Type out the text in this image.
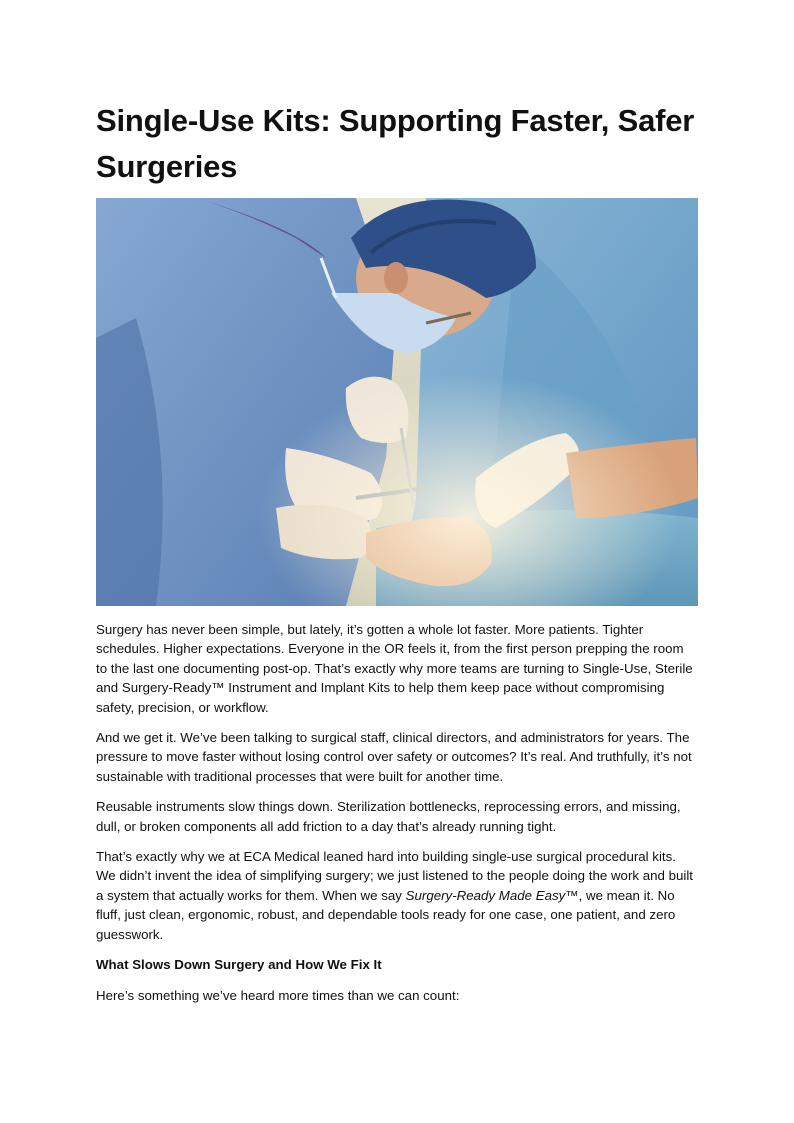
Single-Use Kits: Supporting Faster, Safer Surgeries

Surgery has never been simple, but lately, it’s gotten a whole lot faster. More patients. Tighter schedules. Higher expectations. Everyone in the OR feels it, from the first person prepping the room to the last one documenting post-op. That’s exactly why more teams are turning to Single-Use, Sterile and Surgery-Ready™ Instrument and Implant Kits to help them keep pace without compromising safety, precision, or workflow.

And we get it. We’ve been talking to surgical staff, clinical directors, and administrators for years. The pressure to move faster without losing control over safety or outcomes? It’s real. And truthfully, it’s not sustainable with traditional processes that were built for another time.

Reusable instruments slow things down. Sterilization bottlenecks, reprocessing errors, and missing, dull, or broken components all add friction to a day that’s already running tight.

That’s exactly why we at ECA Medical leaned hard into building single-use surgical procedural kits. We didn’t invent the idea of simplifying surgery; we just listened to the people doing the work and built a system that actually works for them. When we say Surgery-Ready Made Easy™, we mean it. No fluff, just clean, ergonomic, robust, and dependable tools ready for one case, one patient, and zero guesswork.

What Slows Down Surgery and How We Fix It

Here’s something we’ve heard more times than we can count:
